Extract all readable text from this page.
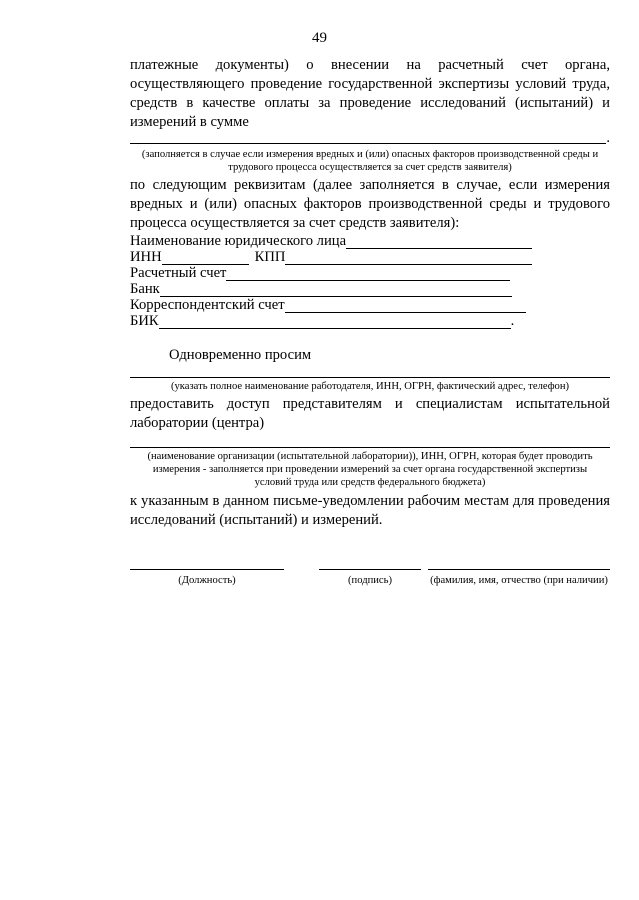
49

платежные документы) о внесении на расчетный счет органа, осуществляющего проведение государственной экспертизы условий труда, средств в качестве оплаты за проведение исследований (испытаний) и измерений в сумме

.

(заполняется в случае если измерения вредных и (или) опасных факторов производственной среды и трудового процесса осуществляется за счет средств заявителя)

по следующим реквизитам (далее заполняется в случае, если измерения вредных и (или) опасных факторов производственной среды и трудового процесса осуществляется за счет средств заявителя):

Наименование юридического лица
ИНН	КПП
Расчетный счет
Банк
Корреспондентский счет
БИК	.

Одновременно просим

(указать полное наименование работодателя, ИНН, ОГРН, фактический адрес, телефон)

предоставить доступ представителям и специалистам испытательной лаборатории (центра)

(наименование организации (испытательной лаборатории)), ИНН, ОГРН, которая будет проводить измерения - заполняется при проведении измерений за счет органа государственной экспертизы условий труда или средств федерального бюджета)

к указанным в данном письме-уведомлении рабочим местам для проведения исследований (испытаний) и измерений.

(Должность)	(подпись)	(фамилия, имя, отчество (при наличии)
